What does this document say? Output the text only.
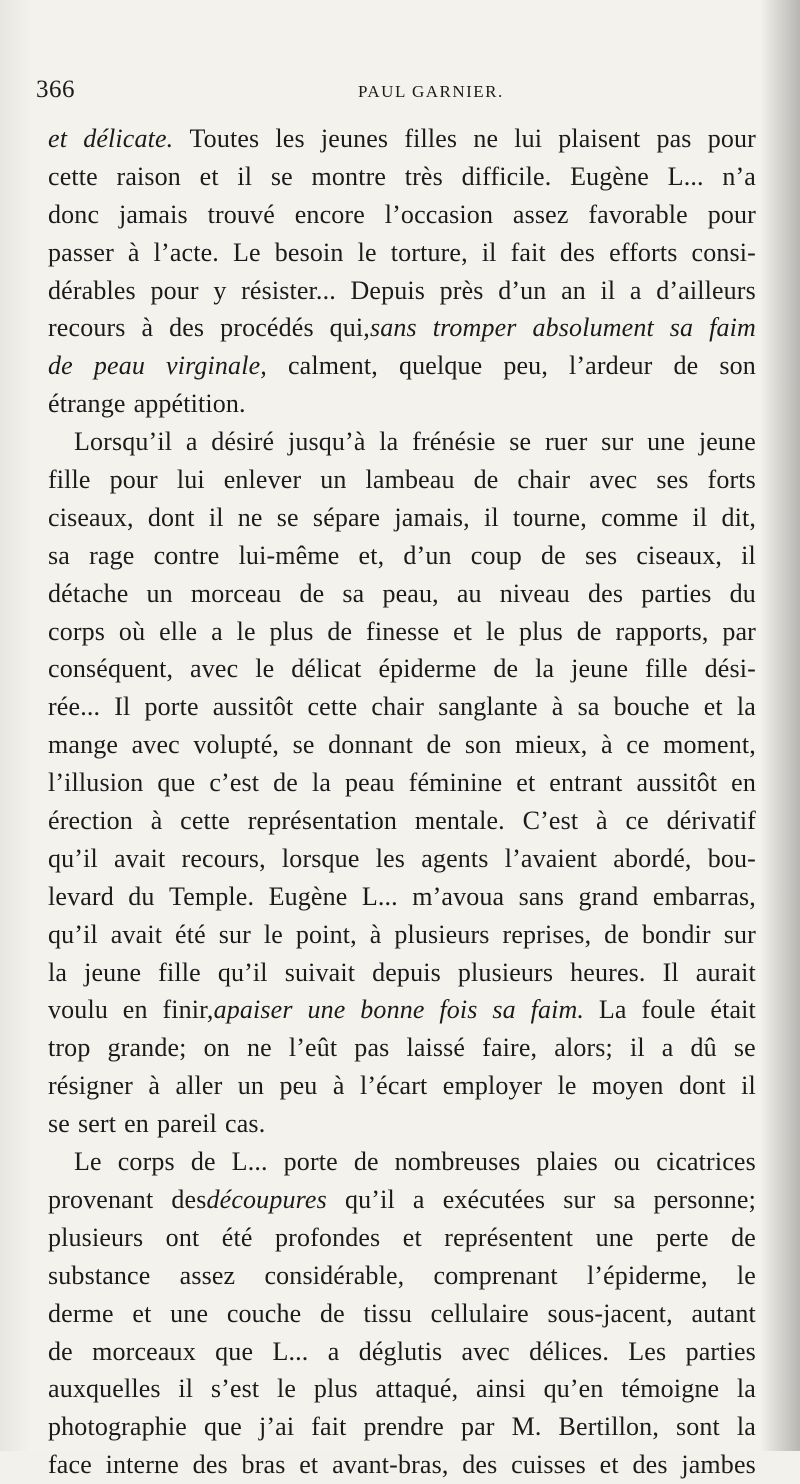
366	PAUL GARNIER.
et délicate. Toutes les jeunes filles ne lui plaisent pas pour
cette raison et il se montre très difficile. Eugène L... n’a
donc jamais trouvé encore l’occasion assez favorable pour
passer à l’acte. Le besoin le torture, il fait des efforts consi-
dérables pour y résister... Depuis près d’un an il a d’ailleurs
recours à des procédés qui,sans tromper absolument sa faim
de peau virginale, calment, quelque peu, l’ardeur de son
étrange appétition.
Lorsqu’il a désiré jusqu’à la frénésie se ruer sur une jeune
fille pour lui enlever un lambeau de chair avec ses forts
ciseaux, dont il ne se sépare jamais, il tourne, comme il dit,
sa rage contre lui-même et, d’un coup de ses ciseaux, il
détache un morceau de sa peau, au niveau des parties du
corps où elle a le plus de finesse et le plus de rapports, par
conséquent, avec le délicat épiderme de la jeune fille dési-
rée... Il porte aussitôt cette chair sanglante à sa bouche et la
mange avec volupté, se donnant de son mieux, à ce moment,
l’illusion que c’est de la peau féminine et entrant aussitôt en
érection à cette représentation mentale. C’est à ce dérivatif
qu’il avait recours, lorsque les agents l’avaient abordé, bou-
levard du Temple. Eugène L... m’avoua sans grand embarras,
qu’il avait été sur le point, à plusieurs reprises, de bondir sur
la jeune fille qu’il suivait depuis plusieurs heures. Il aurait
voulu en finir,apaiser une bonne fois sa faim. La foule était
trop grande; on ne l’eût pas laissé faire, alors; il a dû se
résigner à aller un peu à l’écart employer le moyen dont il
se sert en pareil cas.
Le corps de L... porte de nombreuses plaies ou cicatrices
provenant desdécoupures qu’il a exécutées sur sa personne;
plusieurs ont été profondes et représentent une perte de
substance assez considérable, comprenant l’épiderme, le
derme et une couche de tissu cellulaire sous-jacent, autant
de morceaux que L... a déglutis avec délices. Les parties
auxquelles il s’est le plus attaqué, ainsi qu’en témoigne la
photographie que j’ai fait prendre par M. Bertillon, sont la
face interne des bras et avant-bras, des cuisses et des jambes
